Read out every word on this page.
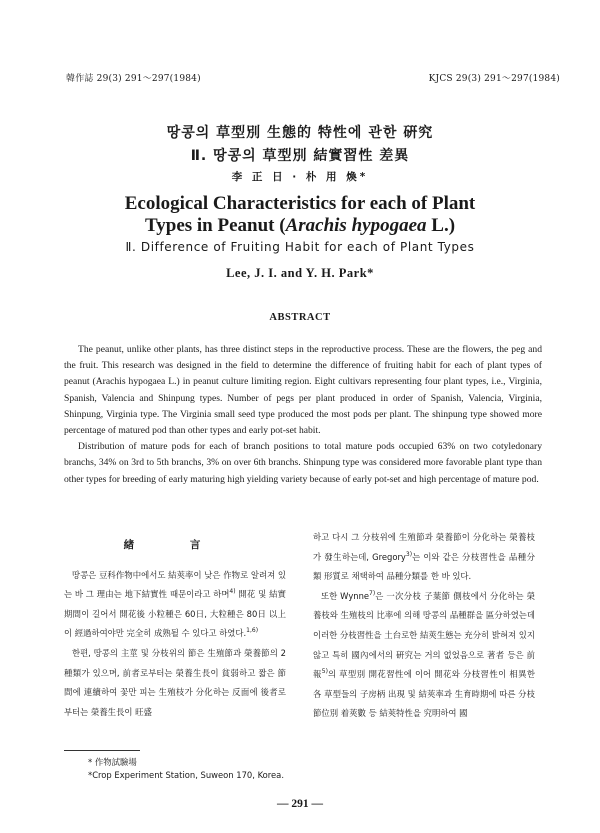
韓作誌 29(3) 291～297(1984)	KJCS 29(3) 291～297(1984)
땅콩의 草型別 生態的 特性에 관한 硏究
Ⅱ. 땅콩의 草型別 結實習性 差異
李 正 日 · 朴 用 煥*
Ecological Characteristics for each of Plant
Types in Peanut (Arachis hypogaea L.)
Ⅱ. Difference of Fruiting Habit for each of Plant Types
Lee, J. I. and Y. H. Park*
ABSTRACT

The peanut, unlike other plants, has three distinct steps in the reproductive process. These are the flowers, the peg and the fruit. This research was designed in the field to determine the difference of fruiting habit for each of plant types of peanut (Arachis hypogaea L.) in peanut culture limiting region. Eight cultivars representing four plant types, i.e., Virginia, Spanish, Valencia and Shinpung types. Number of pegs per plant produced in order of Spanish, Valencia, Virginia, Shinpung, Virginia type. The Virginia small seed type produced the most pods per plant. The shinpung type showed more percentage of matured pod than other types and early pot-set habit.

Distribution of mature pods for each of branch positions to total mature pods occupied 63% on two cotyledonary branchs, 34% on 3rd to 5th branchs, 3% on over 6th branchs. Shinpung type was considered more favorable plant type than other types for breeding of early maturing high yielding variety because of early pot-set and high percentage of mature pod.

緖 言

땅콩은 豆科作物中에서도 結莢率이 낮은 作物로 알려져 있는 바 그 理由는 地下結實性 때문이라고 하며$^{4)}$ 開花 및 結實期間이 길어서 開花後 小粒種은 60日, 大粒種은 80日 以上이 經過하여야만 完全히 成熟될 수 있다고 하였다.$^{1,6)}$

한편, 땅콩의 主莖 및 分枝위의 節은 生殖節과 榮養節의 2種類가 있으며, 前者로부터는 榮養生長이 貧弱하고 짧은 節間에 連續하여 꽃만 피는 生殖枝가 分化하는 反面에 後者로부터는 榮養生長이 旺盛

하고 다시 그 分枝위에 生殖節과 榮養節이 分化하는 榮養枝가 發生하는데, Gregory$^{3)}$는 이와 같은 分枝習性을 品種分類 形質로 채택하여 品種分類를 한 바 있다.

또한 Wynne$^{7)}$은 一次分枝 子葉節 側枝에서 分化하는 榮養枝와 生殖枝의 比率에 의해 땅콩의 品種群을 區分하였는데 이러한 分枝習性을 土台로한 結莢生態는 充分히 밝혀져 있지 않고 특히 國內에서의 硏究는 거의 없었음으로 著者 등은 前報$^{5)}$의 草型別 開花習性에 이어 開花와 分枝習性이 相異한 各 草型들의 子房柄 出現 및 結莢率과 生育時期에 따른 分枝節位別 着莢數 등 結莢特性을 究明하여 國

* 作物試驗場
*Crop Experiment Station, Suweon 170, Korea.
— 291 —
